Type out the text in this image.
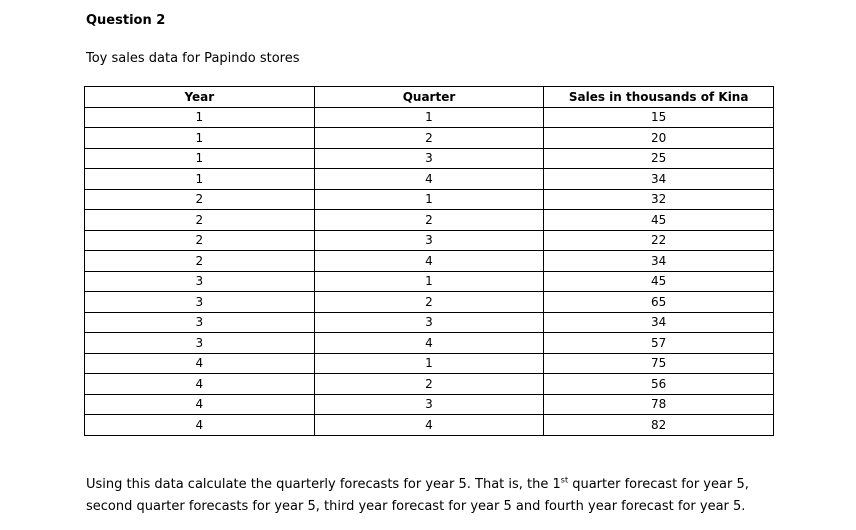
Question 2
Toy sales data for Papindo stores
Year	Quarter	Sales in thousands of Kina
1	1	15
1	2	20
1	3	25
1	4	34
2	1	32
2	2	45
2	3	22
2	4	34
3	1	45
3	2	65
3	3	34
3	4	57
4	1	75
4	2	56
4	3	78
4	4	82
Using this data calculate the quarterly forecasts for year 5. That is, the 1st quarter forecast for year 5,
second quarter forecasts for year 5, third year forecast for year 5 and fourth year forecast for year 5.
